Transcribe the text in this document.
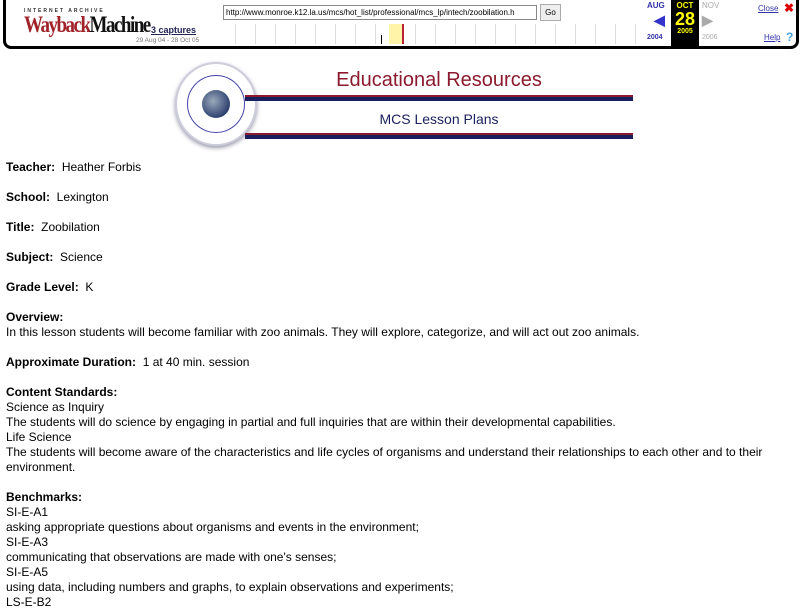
INTERNET ARCHIVE
WaybackMachine 3 captures
29 Aug 04 - 28 Oct 05
http://www.monroe.k12.la.us/mcs/hot_list/professional/mcs_lp/intech/zoobilation.h	Go
AUG
◀
2004
OCT
28
2005
NOV
▶
2006
Close ✖
Help ?
Educational Resources
MCS Lesson Plans
Teacher: Heather Forbis
School: Lexington
Title: Zoobilation
Subject: Science
Grade Level: K
Overview:
In this lesson students will become familiar with zoo animals. They will explore, categorize, and will act out zoo animals.
Approximate Duration: 1 at 40 min. session
Content Standards:
Science as Inquiry
The students will do science by engaging in partial and full inquiries that are within their developmental capabilities.
Life Science
The students will become aware of the characteristics and life cycles of organisms and understand their relationships to each other and to their environment.
Benchmarks:
SI-E-A1
asking appropriate questions about organisms and events in the environment;
SI-E-A3
communicating that observations are made with one's senses;
SI-E-A5
using data, including numbers and graphs, to explain observations and experiments;
LS-E-B2
